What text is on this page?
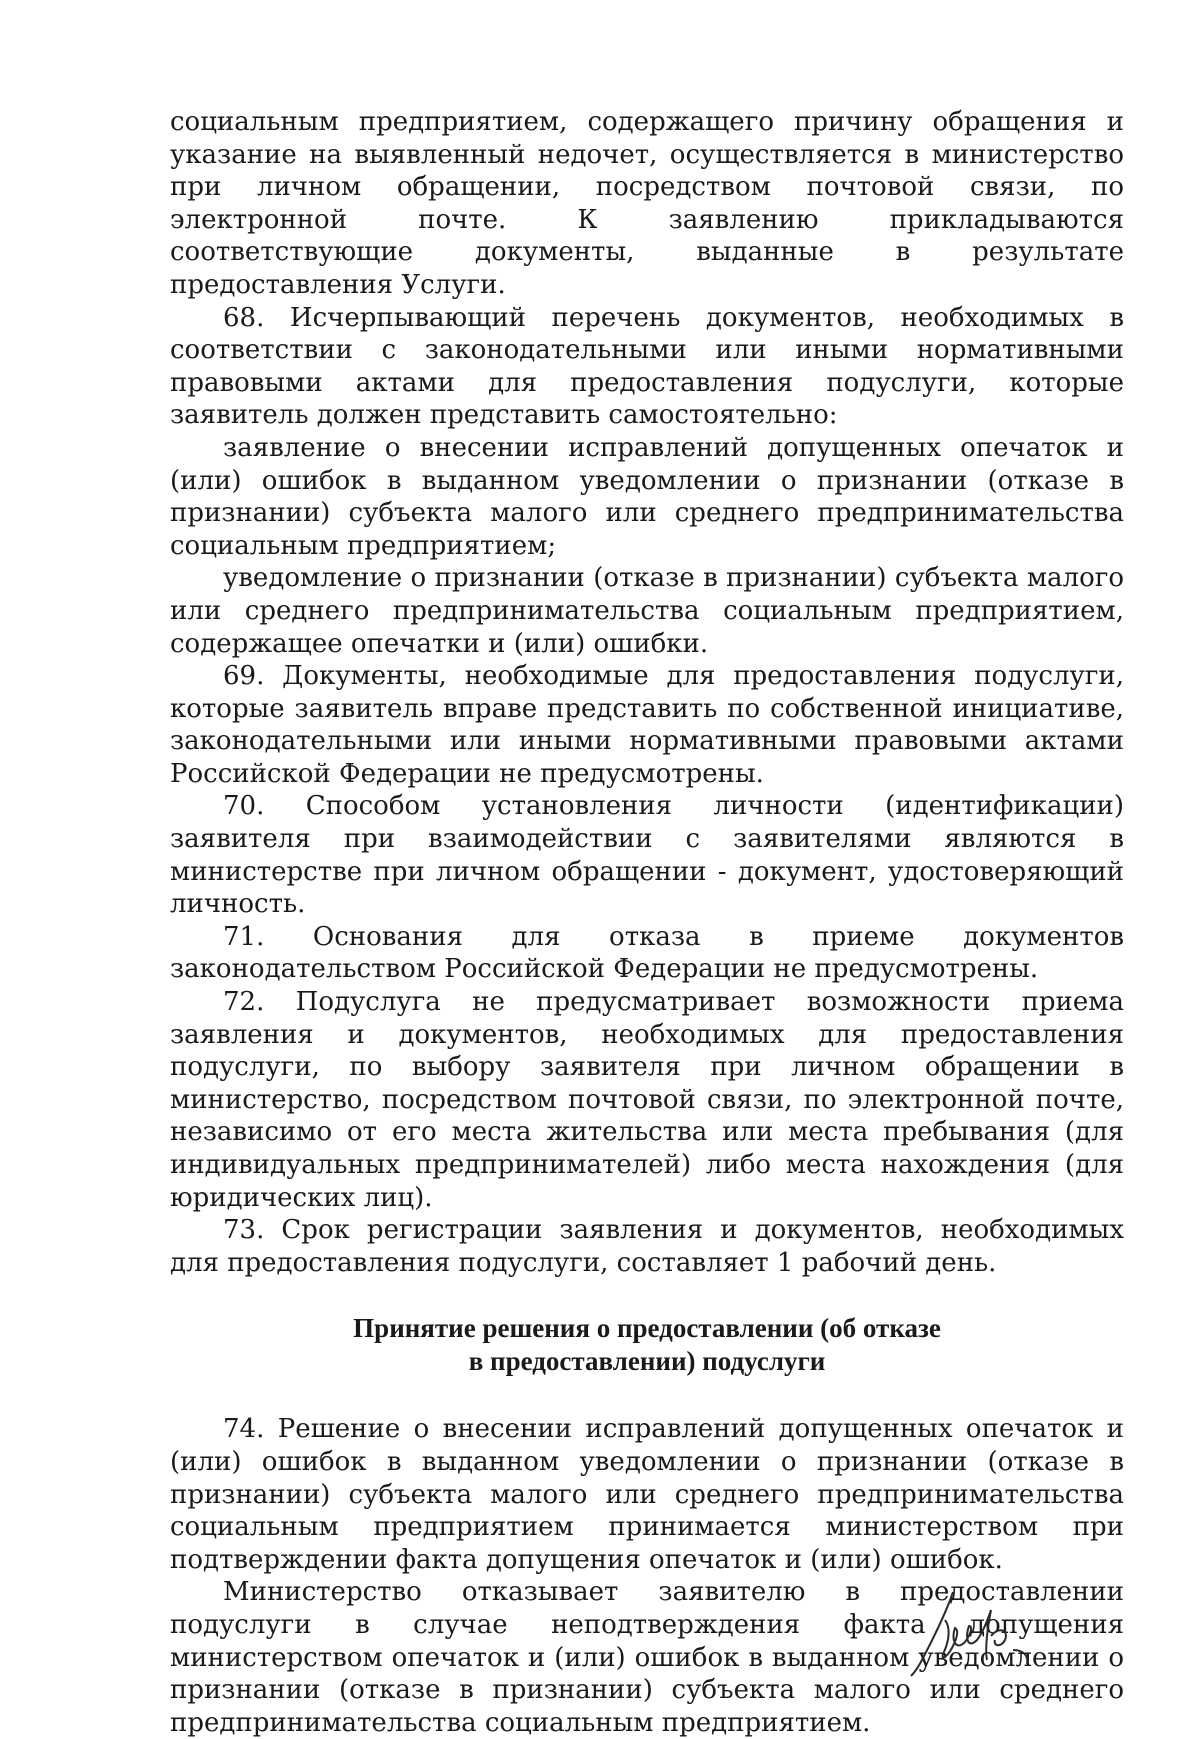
социальным предприятием, содержащего причину обращения и указание на выявленный недочет, осуществляется в министерство при личном обращении, посредством почтовой связи, по электронной почте. К заявлению прикладываются соответствующие документы, выданные в результате предоставления Услуги.

68. Исчерпывающий перечень документов, необходимых в соответствии с законодательными или иными нормативными правовыми актами для предоставления подуслуги, которые заявитель должен представить самостоятельно:

заявление о внесении исправлений допущенных опечаток и (или) ошибок в выданном уведомлении о признании (отказе в признании) субъекта малого или среднего предпринимательства социальным предприятием;

уведомление о признании (отказе в признании) субъекта малого или среднего предпринимательства социальным предприятием, содержащее опечатки и (или) ошибки.

69. Документы, необходимые для предоставления подуслуги, которые заявитель вправе представить по собственной инициативе, законодательными или иными нормативными правовыми актами Российской Федерации не предусмотрены.

70. Способом установления личности (идентификации) заявителя при взаимодействии с заявителями являются в министерстве при личном обращении - документ, удостоверяющий личность.

71. Основания для отказа в приеме документов законодательством Российской Федерации не предусмотрены.

72. Подуслуга не предусматривает возможности приема заявления и документов, необходимых для предоставления подуслуги, по выбору заявителя при личном обращении в министерство, посредством почтовой связи, по электронной почте, независимо от его места жительства или места пребывания (для индивидуальных предпринимателей) либо места нахождения (для юридических лиц).

73. Срок регистрации заявления и документов, необходимых для предоставления подуслуги, составляет 1 рабочий день.

Принятие решения о предоставлении (об отказе
в предоставлении) подуслуги

74. Решение о внесении исправлений допущенных опечаток и (или) ошибок в выданном уведомлении о признании (отказе в признании) субъекта малого или среднего предпринимательства социальным предприятием принимается министерством при подтверждении факта допущения опечаток и (или) ошибок.

Министерство отказывает заявителю в предоставлении подуслуги в случае неподтверждения факта допущения министерством опечаток и (или) ошибок в выданном уведомлении о признании (отказе в признании) субъекта малого или среднего предпринимательства социальным предприятием.
